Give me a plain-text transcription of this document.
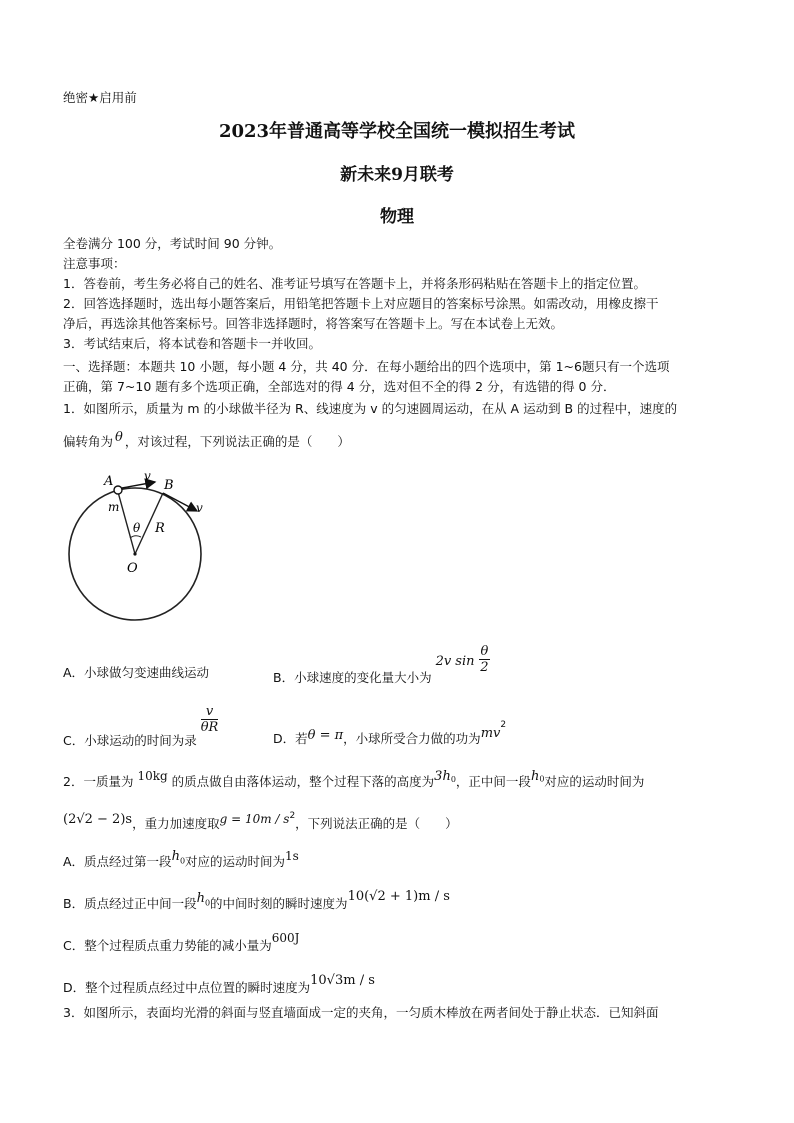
绝密★启用前
2023年普通高等学校全国统一模拟招生考试
新未来9月联考
物理
全卷满分 100 分，考试时间 90 分钟。
注意事项：
1．答卷前，考生务必将自己的姓名、准考证号填写在答题卡上，并将条形码粘贴在答题卡上的指定位置。
2．回答选择题时，选出每小题答案后，用铅笔把答题卡上对应题目的答案标号涂黑。如需改动，用橡皮擦干
净后，再选涂其他答案标号。回答非选择题时，将答案写在答题卡上。写在本试卷上无效。
3．考试结束后，将本试卷和答题卡一并收回。
一、选择题：本题共 10 小题，每小题 4 分，共 40 分．在每小题给出的四个选项中，第 1~6题只有一个选项
正确，第 7~10 题有多个选项正确，全部选对的得 4 分，选对但不全的得 2 分，有选错的得 0 分．
1．如图所示，质量为 m 的小球做半径为 R、线速度为 v 的匀速圆周运动，在从 A 运动到 B 的过程中，速度的
偏转角为 θ ，对该过程，下列说法正确的是（　　）
A	B
v
v
m
θ R
O
A．小球做匀变速曲线运动	B．小球速度的变化量大小为 2v $\sin \frac{\theta}{2}$
C．小球运动的时间为录
$\frac{v}{\theta R}$
D．若θ = π，小球所受合力做的功为$mv^2$
2．一质量为 10kg 的质点做自由落体运动，整个过程下落的高度为$3h_0$，正中间一段$h_0$对应的运动时间为
(2√2 − 2)s，重力加速度取$g = 10m / s^2$，下列说法正确的是（　　）
A．质点经过第一段$h_0$对应的运动时间为1s
B．质点经过正中间一段$h_0$的中间时刻的瞬时速度为10(√2 + 1)m / s
C．整个过程质点重力势能的减小量为600J
D．整个过程质点经过中点位置的瞬时速度为10√3m / s
3．如图所示，表面均光滑的斜面与竖直墙面成一定的夹角，一匀质木棒放在两者间处于静止状态．已知斜面
